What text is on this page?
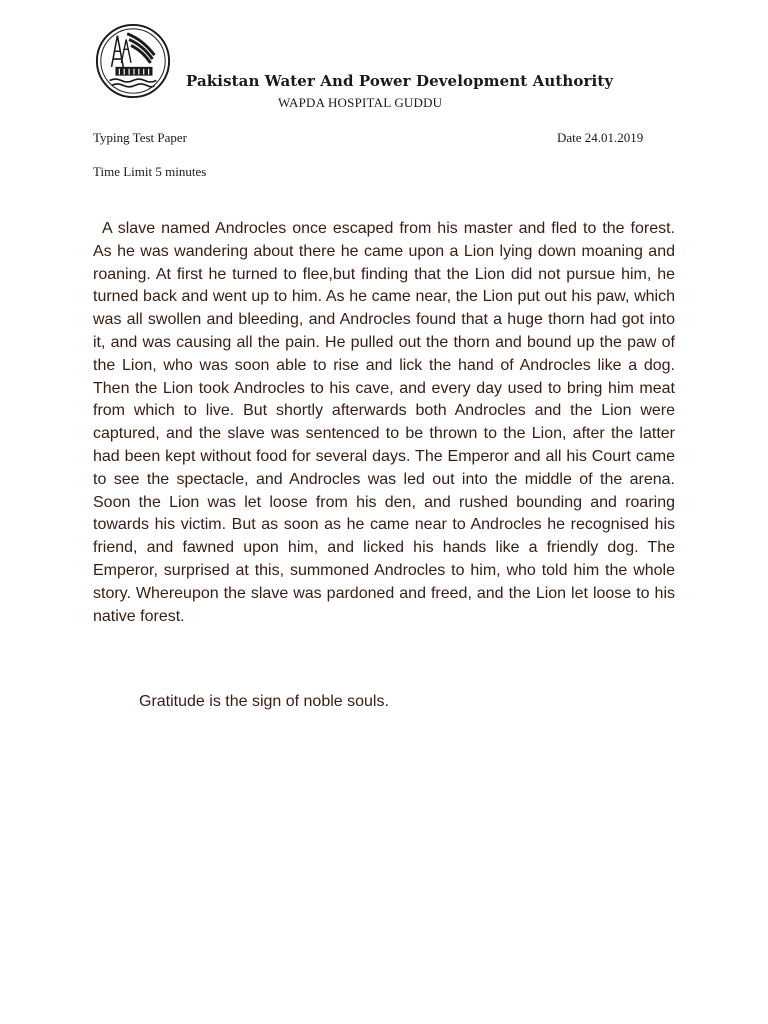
Pakistan Water And Power Development Authority
WAPDA HOSPITAL GUDDU
Typing Test Paper	Date 24.01.2019
Time Limit 5 minutes

A slave named Androcles once escaped from his master and fled to the forest. As he was wandering about there he came upon a Lion lying down moaning and roaning. At first he turned to flee,but finding that the Lion did not pursue him, he turned back and went up to him. As he came near, the Lion put out his paw, which was all swollen and bleeding, and Androcles found that a huge thorn had got into it, and was causing all the pain. He pulled out the thorn and bound up the paw of the Lion, who was soon able to rise and lick the hand of Androcles like a dog. Then the Lion took Androcles to his cave, and every day used to bring him meat from which to live. But shortly afterwards both Androcles and the Lion were captured, and the slave was sentenced to be thrown to the Lion, after the latter had been kept without food for several days. The Emperor and all his Court came to see the spectacle, and Androcles was led out into the middle of the arena. Soon the Lion was let loose from his den, and rushed bounding and roaring towards his victim. But as soon as he came near to Androcles he recognised his friend, and fawned upon him, and licked his hands like a friendly dog. The Emperor, surprised at this, summoned Androcles to him, who told him the whole story. Whereupon the slave was pardoned and freed, and the Lion let loose to his native forest.

Gratitude is the sign of noble souls.
